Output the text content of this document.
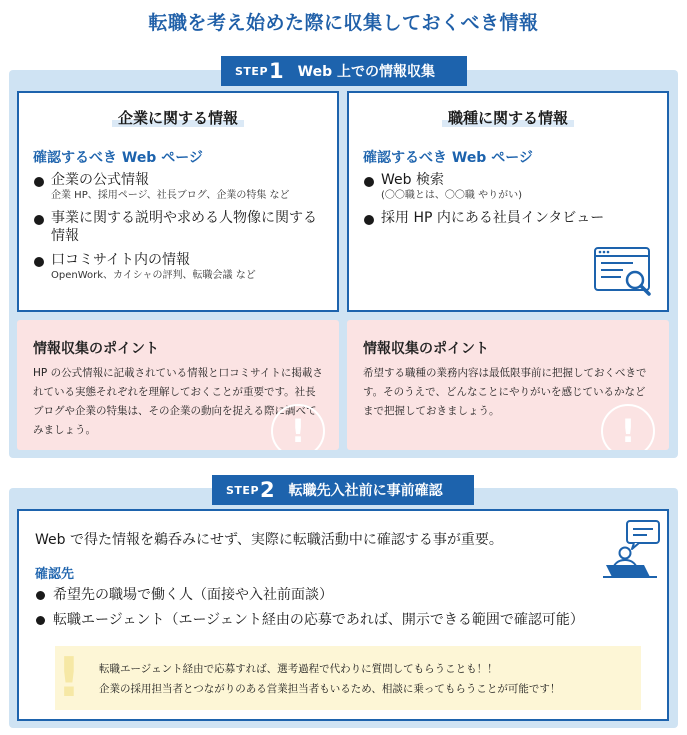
転職を考え始めた際に収集しておくべき情報
STEP 1 Web 上での情報収集
企業に関する情報
確認するべき Web ページ
企業の公式情報
企業 HP、採用ページ、社長ブログ、企業の特集 など
事業に関する説明や求める人物像に関する情報
口コミサイト内の情報
OpenWork、カイシャの評判、転職会議 など
職種に関する情報
確認するべき Web ページ
Web 検索
(〇〇職とは、〇〇職 やりがい)
採用 HP 内にある社員インタビュー
情報収集のポイント
HP の公式情報に記載されている情報と口コミサイトに掲載されている実態それぞれを理解しておくことが重要です。社長ブログや企業の特集は、その企業の動向を捉える際に調べてみましょう。	!
情報収集のポイント
希望する職種の業務内容は最低限事前に把握しておくべきです。そのうえで、どんなことにやりがいを感じているかなどまで把握しておきましょう。
!
STEP 2 転職先入社前に事前確認
Web で得た情報を鵜呑みにせず、実際に転職活動中に確認する事が重要。
確認先
希望先の職場で働く人（面接や入社前面談）
転職エージェント（エージェント経由の応募であれば、開示できる範囲で確認可能）
!	転職エージェント経由で応募すれば、選考過程で代わりに質問してもらうことも！！
企業の採用担当者とつながりのある営業担当者もいるため、相談に乗ってもらうことが可能です！
